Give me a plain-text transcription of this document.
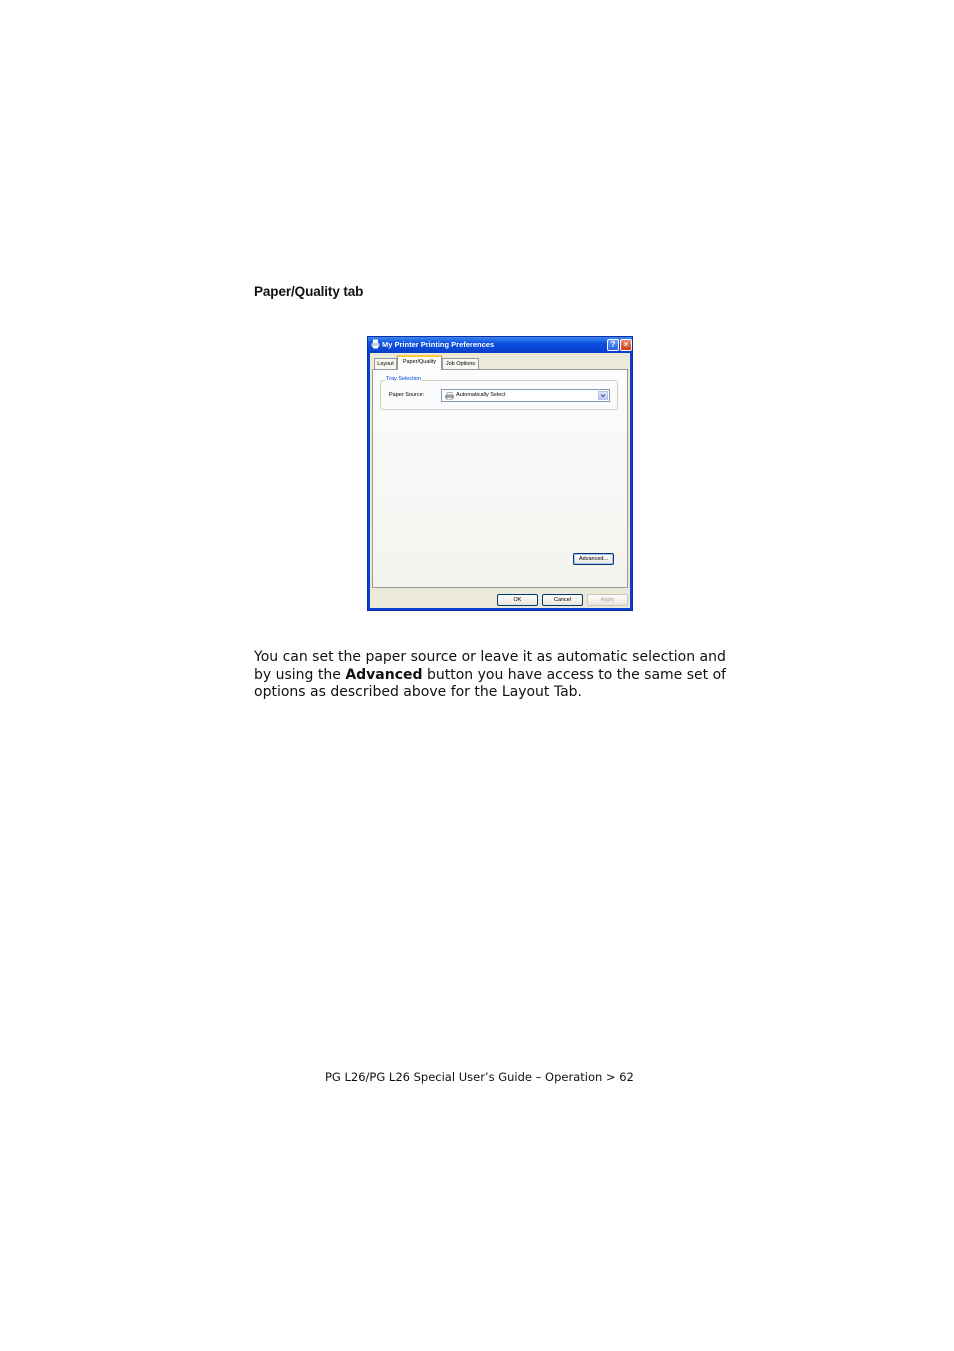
Paper/Quality tab
My Printer Printing Preferences	?	×
Layout	Paper/Quality	Job Options
Tray Selection
Paper Source:	Automatically Select
Advanced...
OK	Cancel	Apply
You can set the paper source or leave it as automatic selection and by using the Advanced button you have access to the same set of options as described above for the Layout Tab.
PG L26/PG L26 Special User’s Guide – Operation > 62
